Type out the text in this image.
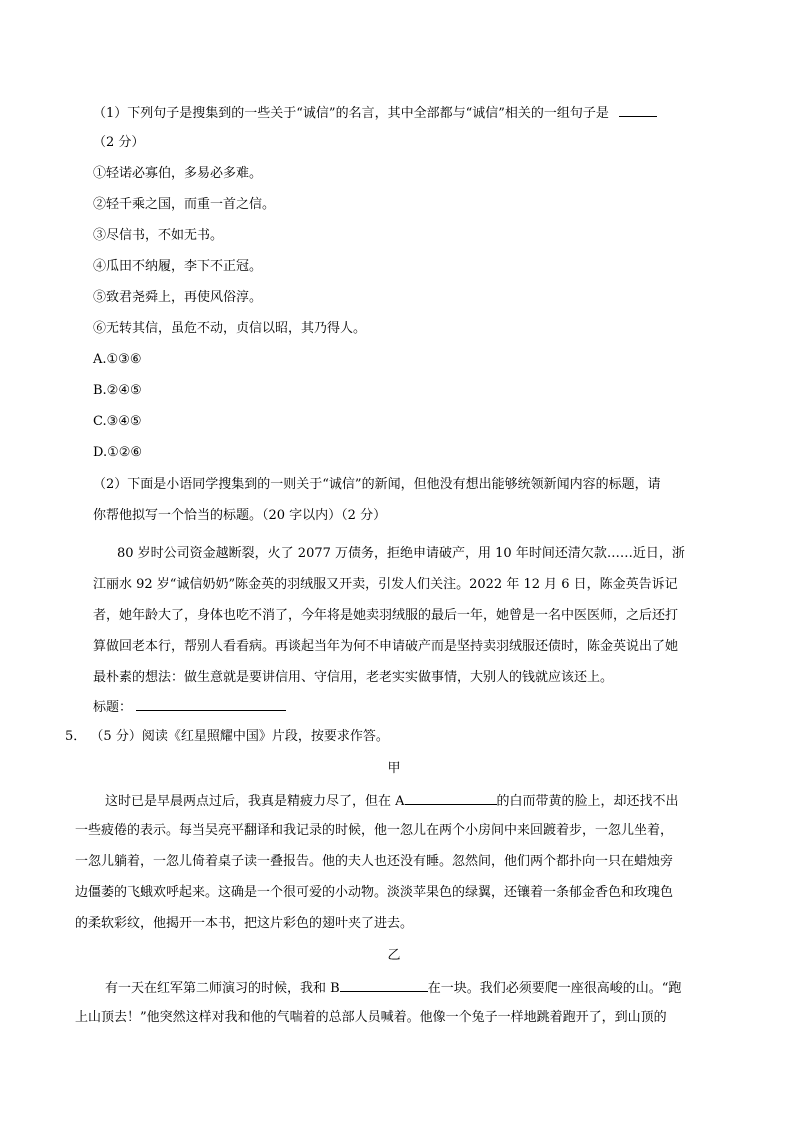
（1）下列句子是搜集到的一些关于“诚信”的名言，其中全部都与“诚信”相关的一组句子是
（2 分）
①轻诺必寡伯，多易必多难。
②轻千乘之国，而重一首之信。
③尽信书，不如无书。
④瓜田不纳履，李下不正冠。
⑤致君尧舜上，再使风俗淳。
⑥无转其信，虽危不动，贞信以昭，其乃得人。
A.①③⑥
B.②④⑤
C.③④⑤
D.①②⑥
（2）下面是小语同学搜集到的一则关于“诚信”的新闻，但他没有想出能够统领新闻内容的标题，请
你帮他拟写一个恰当的标题。（20 字以内）（2 分）
80 岁时公司资金越断裂，火了 2077 万债务，拒绝申请破产，用 10 年时间还清欠款……近日，浙
江丽水 92 岁“诚信奶奶”陈金英的羽绒服又开卖，引发人们关注。2022 年 12 月 6 日，陈金英告诉记
者，她年龄大了，身体也吃不消了，今年将是她卖羽绒服的最后一年，她曾是一名中医医师，之后还打
算做回老本行，帮别人看看病。再谈起当年为何不申请破产而是坚持卖羽绒服还债时，陈金英说出了她
最朴素的想法：做生意就是要讲信用、守信用，老老实实做事情，大别人的钱就应该还上。
标题：
5． （5 分）阅读《红星照耀中国》片段，按要求作答。
甲
这时已是早晨两点过后，我真是精疲力尽了，但在 A	的白而带黄的脸上，却还找不出
一些疲倦的表示。每当吴亮平翻译和我记录的时候，他一忽儿在两个小房间中来回踱着步，一忽儿坐着，
一忽儿躺着，一忽儿倚着桌子读一叠报告。他的夫人也还没有睡。忽然间，他们两个都扑向一只在蜡烛旁
边僵萎的飞蛾欢呼起来。这确是一个很可爱的小动物。淡淡苹果色的绿翼，还镶着一条郁金香色和玫瑰色
的柔软彩纹，他揭开一本书，把这片彩色的翅叶夹了进去。
乙
有一天在红军第二师演习的时候，我和 B	在一块。我们必须要爬一座很高峻的山。“跑
上山顶去！”他突然这样对我和他的气喘着的总部人员喊着。他像一个兔子一样地跳着跑开了，到山顶的
